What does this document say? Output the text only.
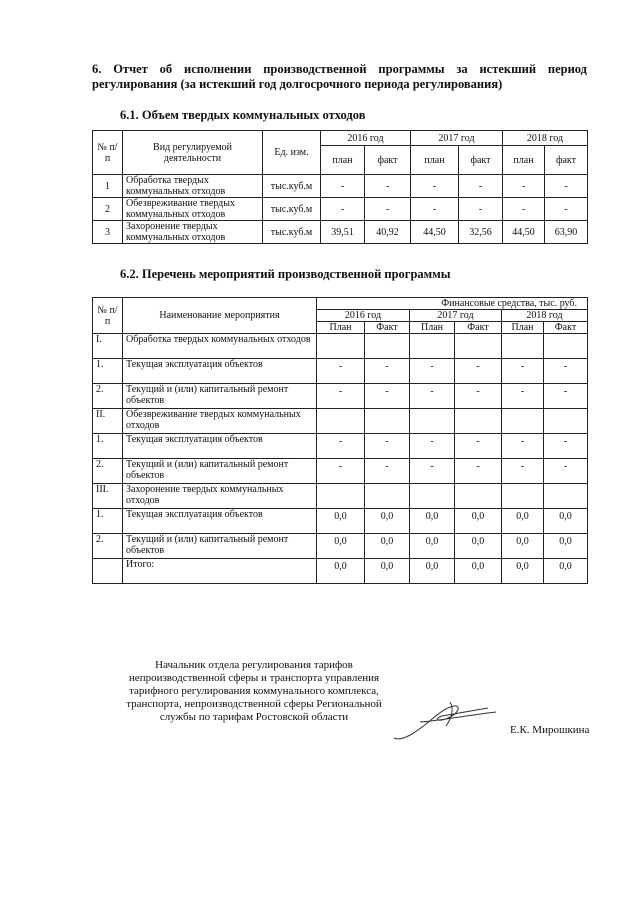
6. Отчет об исполнении производственной программы за истекший период регулирования (за истекший год долгосрочного периода регулирования)
6.1. Объем твердых коммунальных отходов
№ п/п	Вид регулируемой деятельности	Ед. изм.	2016 год		2017 год		2018 год	
			план	факт	план	факт	план	факт
1	Обработка твердых коммунальных отходов	тыс.куб.м	-	-	-	-	-	-
2	Обезвреживание твердых коммунальных отходов	тыс.куб.м	-	-	-	-	-	-
3	Захоронение твердых коммунальных отходов	тыс.куб.м	39,51	40,92	44,50	32,56	44,50	63,90
6.2. Перечень мероприятий производственной программы
№ п/п	Наименование мероприятия	Финансовые средства, тыс. руб.					
		2016 год		2017 год		2018 год	
		План	Факт	План	Факт	План	Факт
I.	Обработка твердых коммунальных отходов						
1.	Текущая эксплуатация объектов	-	-	-	-	-	-
2.	Текущий и (или) капитальный ремонт объектов	-	-	-	-	-	-
II.	Обезвреживание твердых коммунальных отходов						
1.	Текущая эксплуатация объектов	-	-	-	-	-	-
2.	Текущий и (или) капитальный ремонт объектов	-	-	-	-	-	-
III.	Захоронение твердых коммунальных отходов						
1.	Текущая эксплуатация объектов	0,0	0,0	0,0	0,0	0,0	0,0
2.	Текущий и (или) капитальный ремонт объектов	0,0	0,0	0,0	0,0	0,0	0,0
	Итого:	0,0	0,0	0,0	0,0	0,0	0,0
Начальник отдела регулирования тарифов
непроизводственной сферы и транспорта управления
тарифного регулирования коммунального комплекса,
транспорта, непроизводственной сферы Региональной
службы по тарифам Ростовской области
Е.К. Мирошкина
